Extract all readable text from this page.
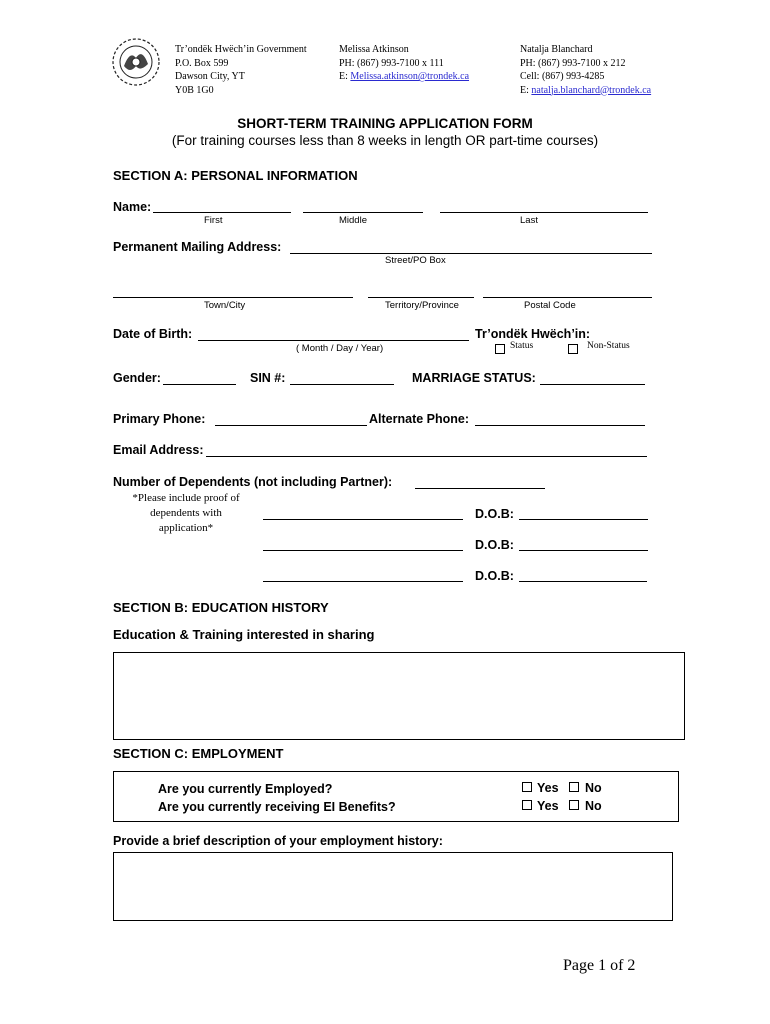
Tr’ondëk Hwëch’in Government
P.O. Box 599
Dawson City, YT
Y0B 1G0
Melissa Atkinson
PH: (867) 993-7100 x 111
E: Melissa.atkinson@trondek.ca
Natalja Blanchard
PH: (867) 993-7100 x 212
Cell: (867) 993-4285
E: natalja.blanchard@trondek.ca
SHORT-TERM TRAINING APPLICATION FORM
(For training courses less than 8 weeks in length OR part-time courses)
SECTION A: PERSONAL INFORMATION
Name:
First	Middle	Last
Permanent Mailing Address:
Street/PO Box
Town/City	Territory/Province	Postal Code
Date of Birth:
( Month / Day / Year)
Tr’ondëk Hwëch’in:
Status	Non-Status
Gender:	SIN #:	MARRIAGE STATUS:
Primary Phone:	Alternate Phone:
Email Address:
Number of Dependents (not including Partner):
*Please include proof of
dependents with
application*
D.O.B:
D.O.B:
D.O.B:
SECTION B: EDUCATION HISTORY
Education & Training interested in sharing
SECTION C: EMPLOYMENT
Are you currently Employed?
Are you currently receiving EI Benefits?
Yes No
Yes No
Provide a brief description of your employment history:
Page 1 of 2
